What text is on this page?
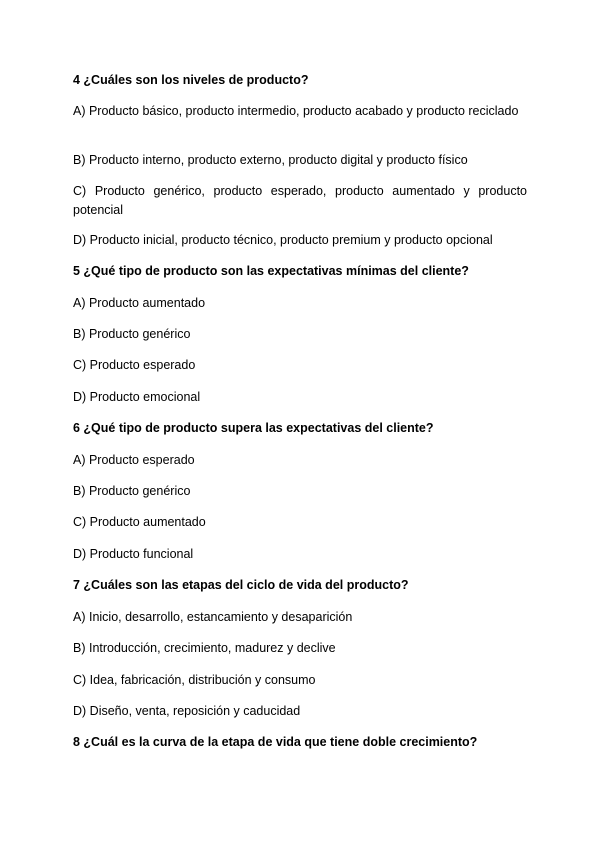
4 ¿Cuáles son los niveles de producto?
A) Producto básico, producto intermedio, producto acabado y producto reciclado
B) Producto interno, producto externo, producto digital y producto físico
C) Producto genérico, producto esperado, producto aumentado y producto potencial
D) Producto inicial, producto técnico, producto premium y producto opcional
5 ¿Qué tipo de producto son las expectativas mínimas del cliente?
A) Producto aumentado
B) Producto genérico
C) Producto esperado
D) Producto emocional
6 ¿Qué tipo de producto supera las expectativas del cliente?
A) Producto esperado
B) Producto genérico
C) Producto aumentado
D) Producto funcional
7 ¿Cuáles son las etapas del ciclo de vida del producto?
A) Inicio, desarrollo, estancamiento y desaparición
B) Introducción, crecimiento, madurez y declive
C) Idea, fabricación, distribución y consumo
D) Diseño, venta, reposición y caducidad
8 ¿Cuál es la curva de la etapa de vida que tiene doble crecimiento?
